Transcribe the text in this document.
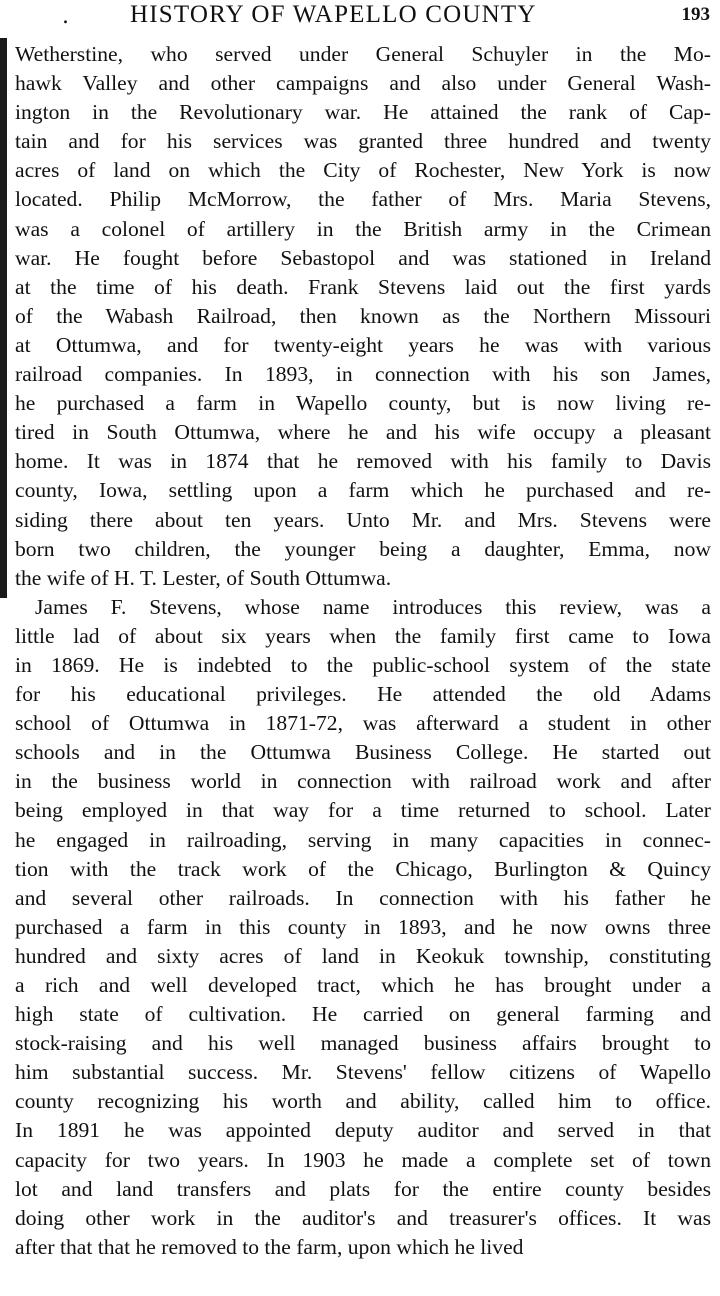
. HISTORY OF WAPELLO COUNTY	193
Wetherstine, who served under General Schuyler in the Mo-
hawk Valley and other campaigns and also under General Wash-
ington in the Revolutionary war. He attained the rank of Cap-
tain and for his services was granted three hundred and twenty
acres of land on which the City of Rochester, New York is now
located. Philip McMorrow, the father of Mrs. Maria Stevens,
was a colonel of artillery in the British army in the Crimean
war. He fought before Sebastopol and was stationed in Ireland
at the time of his death. Frank Stevens laid out the first yards
of the Wabash Railroad, then known as the Northern Missouri
at Ottumwa, and for twenty-eight years he was with various
railroad companies. In 1893, in connection with his son James,
he purchased a farm in Wapello county, but is now living re-
tired in South Ottumwa, where he and his wife occupy a pleasant
home. It was in 1874 that he removed with his family to Davis
county, Iowa, settling upon a farm which he purchased and re-
siding there about ten years. Unto Mr. and Mrs. Stevens were
born two children, the younger being a daughter, Emma, now
the wife of H. T. Lester, of South Ottumwa.
James F. Stevens, whose name introduces this review, was a
little lad of about six years when the family first came to Iowa
in 1869. He is indebted to the public-school system of the state
for his educational privileges. He attended the old Adams
school of Ottumwa in 1871-72, was afterward a student in other
schools and in the Ottumwa Business College. He started out
in the business world in connection with railroad work and after
being employed in that way for a time returned to school. Later
he engaged in railroading, serving in many capacities in connec-
tion with the track work of the Chicago, Burlington & Quincy
and several other railroads. In connection with his father he
purchased a farm in this county in 1893, and he now owns three
hundred and sixty acres of land in Keokuk township, constituting
a rich and well developed tract, which he has brought under a
high state of cultivation. He carried on general farming and
stock-raising and his well managed business affairs brought to
him substantial success. Mr. Stevens' fellow citizens of Wapello
county recognizing his worth and ability, called him to office.
In 1891 he was appointed deputy auditor and served in that
capacity for two years. In 1903 he made a complete set of town
lot and land transfers and plats for the entire county besides
doing other work in the auditor's and treasurer's offices. It was
after that that he removed to the farm, upon which he lived
